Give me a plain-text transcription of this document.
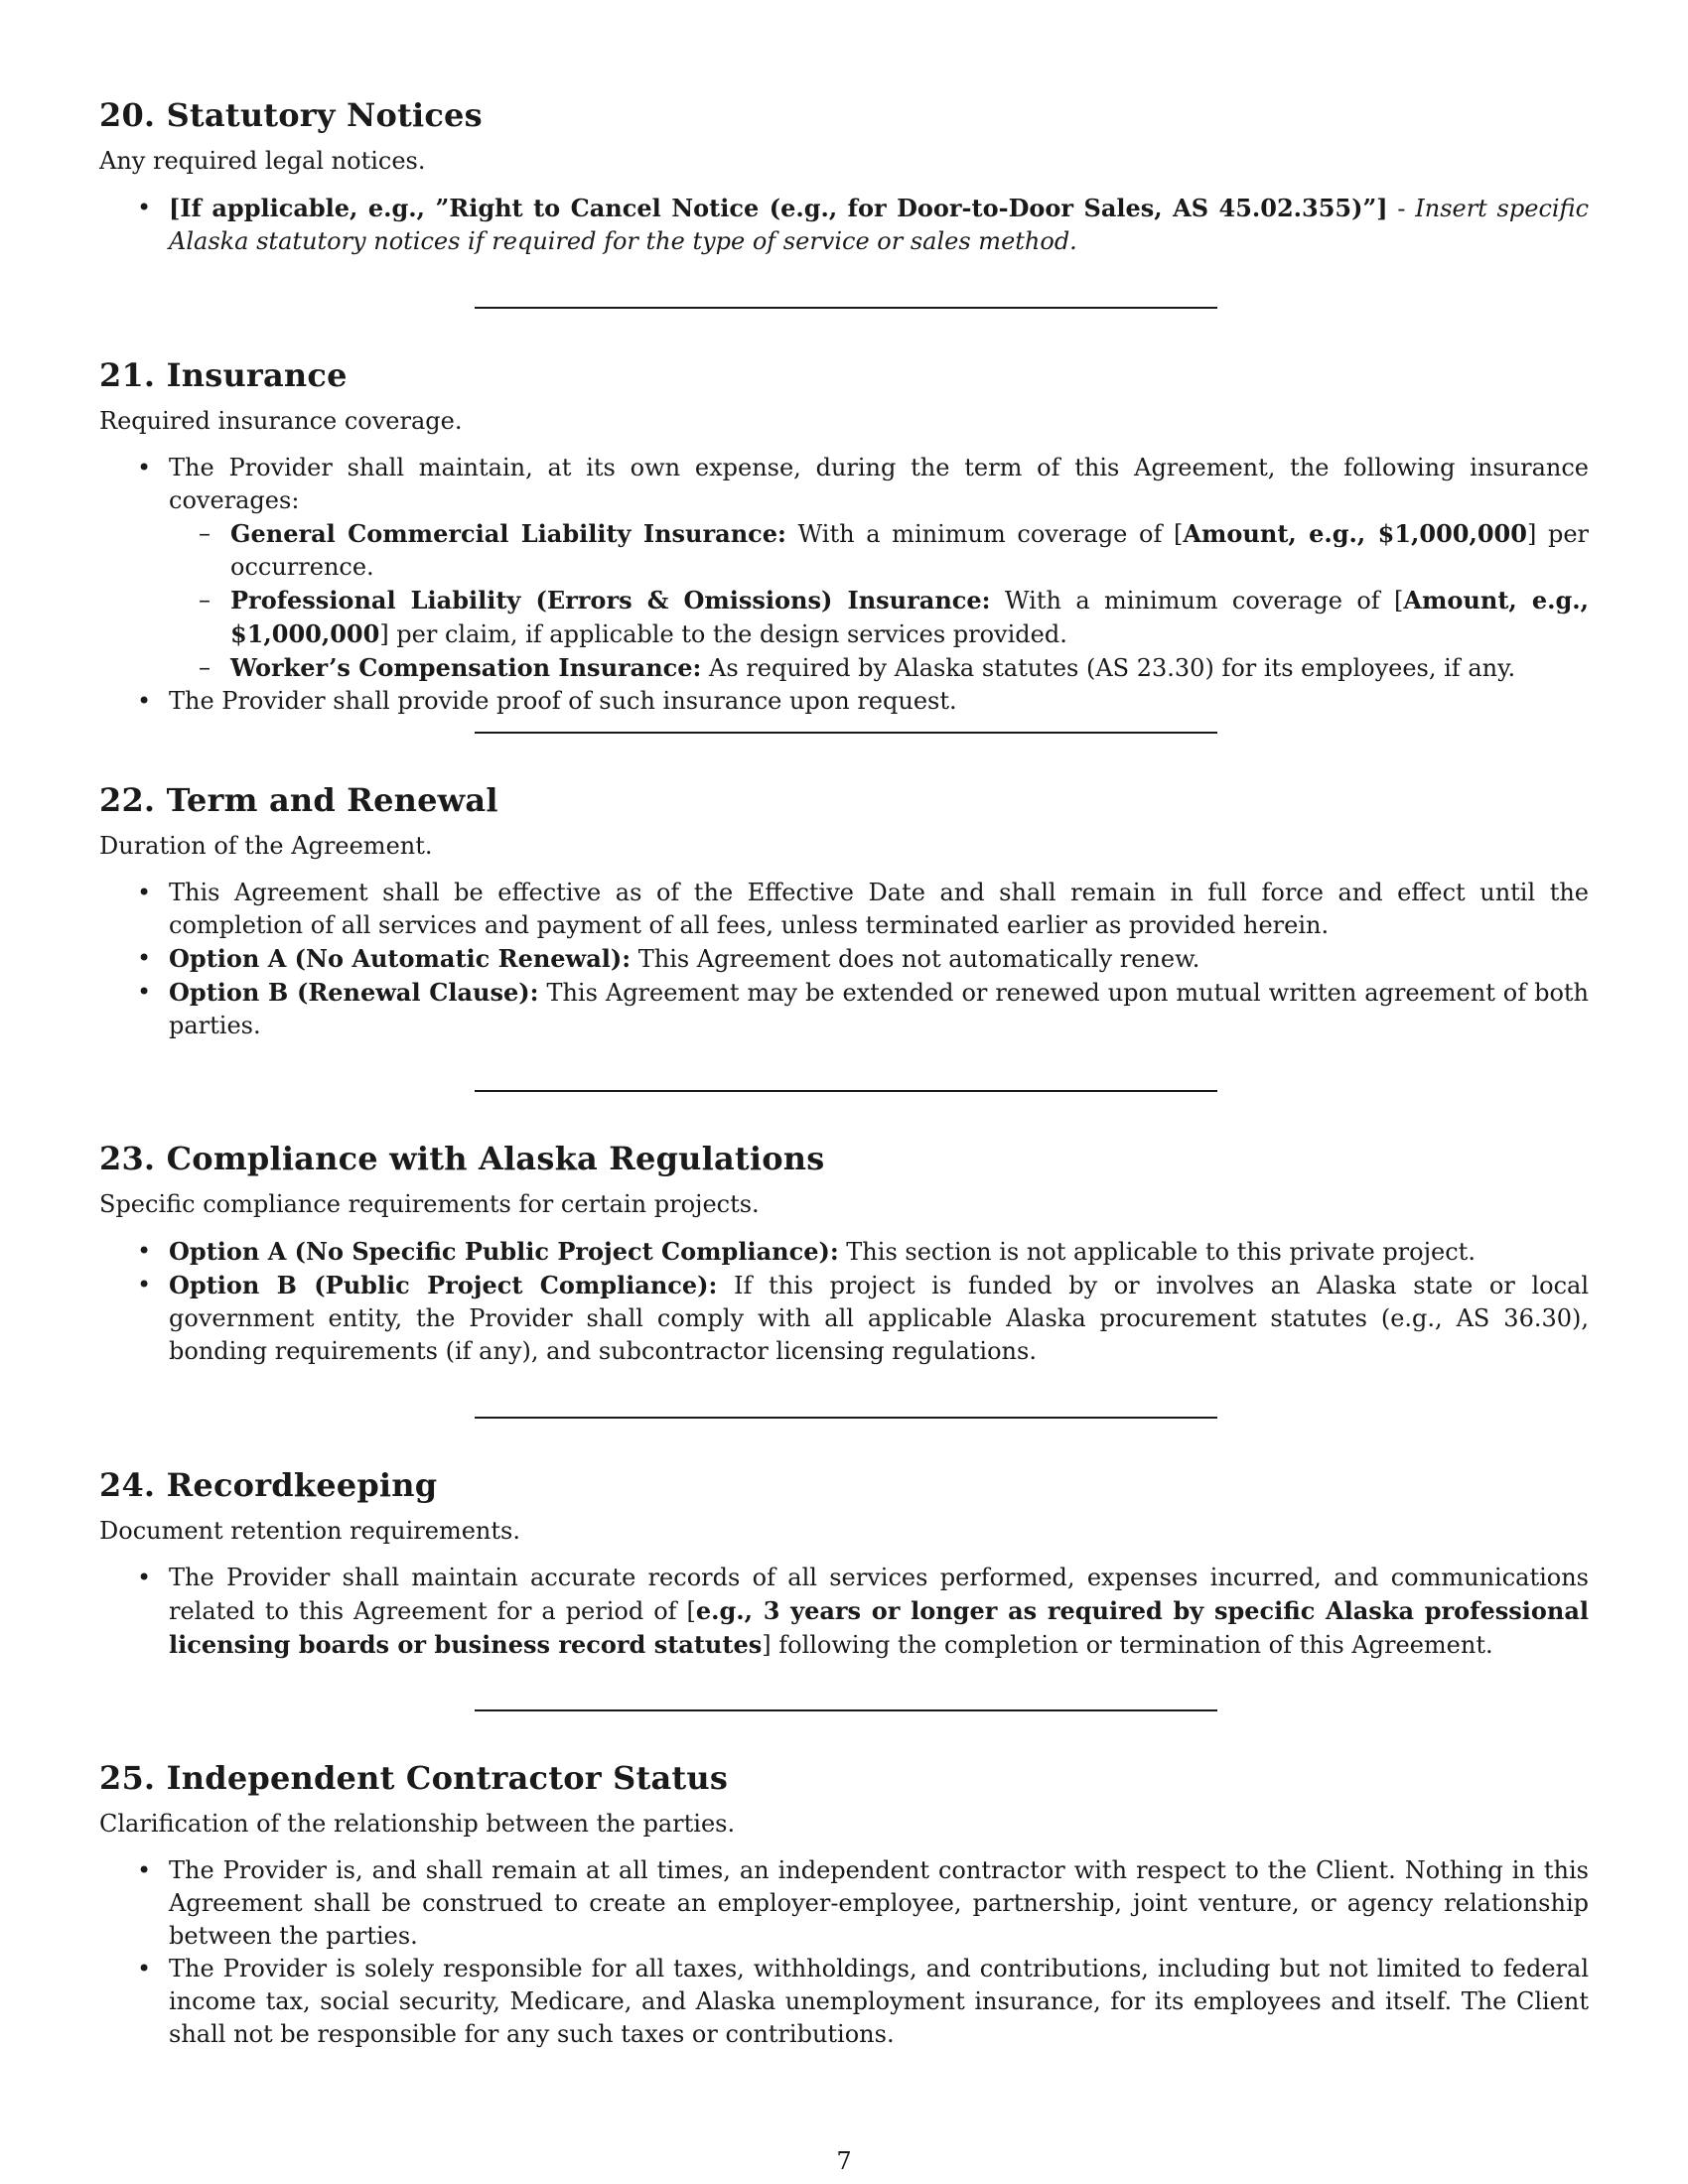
20. Statutory Notices

Any required legal notices.

• [If applicable, e.g., ”Right to Cancel Notice (e.g., for Door-to-Door Sales, AS 45.02.355)”] - Insert specific Alaska statutory notices if required for the type of service or sales method.
21. Insurance

Required insurance coverage.

• The Provider shall maintain, at its own expense, during the term of this Agreement, the following insurance coverages:
– General Commercial Liability Insurance: With a minimum coverage of [Amount, e.g., $1,000,000] per occurrence.
– Professional Liability (Errors & Omissions) Insurance: With a minimum coverage of [Amount, e.g., $1,000,000] per claim, if applicable to the design services provided.
– Worker’s Compensation Insurance: As required by Alaska statutes (AS 23.30) for its employees, if any.
• The Provider shall provide proof of such insurance upon request.
22. Term and Renewal

Duration of the Agreement.

• This Agreement shall be effective as of the Effective Date and shall remain in full force and effect until the completion of all services and payment of all fees, unless terminated earlier as provided herein.
• Option A (No Automatic Renewal): This Agreement does not automatically renew.
• Option B (Renewal Clause): This Agreement may be extended or renewed upon mutual written agreement of both parties.
23. Compliance with Alaska Regulations

Specific compliance requirements for certain projects.

• Option A (No Specific Public Project Compliance): This section is not applicable to this private project.
• Option B (Public Project Compliance): If this project is funded by or involves an Alaska state or local government entity, the Provider shall comply with all applicable Alaska procurement statutes (e.g., AS 36.30), bonding requirements (if any), and subcontractor licensing regulations.
24. Recordkeeping

Document retention requirements.

• The Provider shall maintain accurate records of all services performed, expenses incurred, and communications related to this Agreement for a period of [e.g., 3 years or longer as required by specific Alaska professional licensing boards or business record statutes] following the completion or termination of this Agreement.
25. Independent Contractor Status

Clarification of the relationship between the parties.

• The Provider is, and shall remain at all times, an independent contractor with respect to the Client. Nothing in this Agreement shall be construed to create an employer-employee, partnership, joint venture, or agency relationship between the parties.
• The Provider is solely responsible for all taxes, withholdings, and contributions, including but not limited to federal income tax, social security, Medicare, and Alaska unemployment insurance, for its employees and itself. The Client shall not be responsible for any such taxes or contributions.
7
